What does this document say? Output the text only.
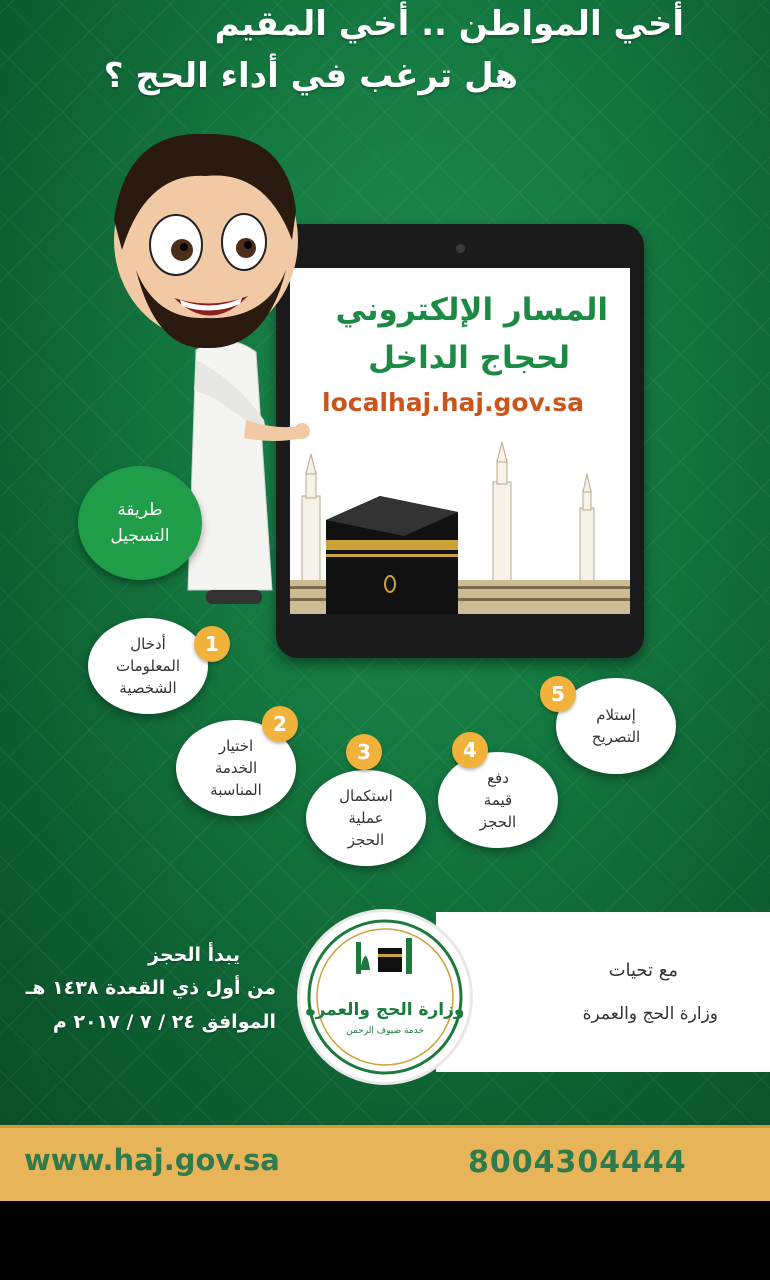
أخي المواطن .. أخي المقيم
هل ترغب في أداء الحج ؟
المسار الإلكتروني
لحجاج الداخل
localhaj.haj.gov.sa
طريقة
التسجيل
أدخال
المعلومات
الشخصية
1
اختيار
الخدمة
المناسبة
2
استكمال
عملية
الحجز
3
دفع
قيمة
الحجز
4
إستلام
التصريح
5
يبدأ الحجز
من أول ذي القعدة ١٤٣٨ هـ
الموافق ٢٤ / ٧ / ٢٠١٧ م
مع تحيات
وزارة الحج والعمرة
وزارة الحج والعمرة
خدمة ضيوف الرحمن
www.haj.gov.sa	8004304444
